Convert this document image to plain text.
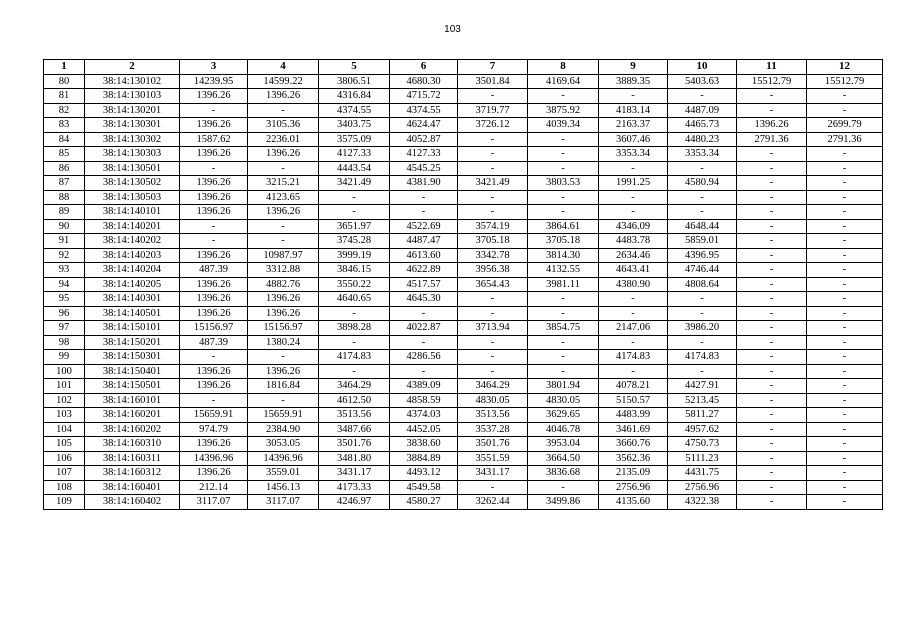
103
1	2	3	4	5	6	7	8	9	10	11	12
80	38:14:130102	14239.95	14599.22	3806.51	4680.30	3501.84	4169.64	3889.35	5403.63	15512.79	15512.79
81	38:14:130103	1396.26	1396.26	4316.84	4715.72	-	-	-	-	-	-
82	38:14:130201	-	-	4374.55	4374.55	3719.77	3875.92	4183.14	4487.09	-	-
83	38:14:130301	1396.26	3105.36	3403.75	4624.47	3726.12	4039.34	2163.37	4465.73	1396.26	2699.79
84	38:14:130302	1587.62	2236.01	3575.09	4052.87	-	-	3607.46	4480.23	2791.36	2791.36
85	38:14:130303	1396.26	1396.26	4127.33	4127.33	-	-	3353.34	3353.34	-	-
86	38:14:130501	-	-	4443.54	4545.25	-	-	-	-	-	-
87	38:14:130502	1396.26	3215.21	3421.49	4381.90	3421.49	3803.53	1991.25	4580.94	-	-
88	38:14:130503	1396.26	4123.65	-	-	-	-	-	-	-	-
89	38:14:140101	1396.26	1396.26	-	-	-	-	-	-	-	-
90	38:14:140201	-	-	3651.97	4522.69	3574.19	3864.61	4346.09	4648.44	-	-
91	38:14:140202	-	-	3745.28	4487.47	3705.18	3705.18	4483.78	5859.01	-	-
92	38:14:140203	1396.26	10987.97	3999.19	4613.60	3342.78	3814.30	2634.46	4396.95	-	-
93	38:14:140204	487.39	3312.88	3846.15	4622.89	3956.38	4132.55	4643.41	4746.44	-	-
94	38:14:140205	1396.26	4882.76	3550.22	4517.57	3654.43	3981.11	4380.90	4808.64	-	-
95	38:14:140301	1396.26	1396.26	4640.65	4645.30	-	-	-	-	-	-
96	38:14:140501	1396.26	1396.26	-	-	-	-	-	-	-	-
97	38:14:150101	15156.97	15156.97	3898.28	4022.87	3713.94	3854.75	2147.06	3986.20	-	-
98	38:14:150201	487.39	1380.24	-	-	-	-	-	-	-	-
99	38:14:150301	-	-	4174.83	4286.56	-	-	4174.83	4174.83	-	-
100	38:14:150401	1396.26	1396.26	-	-	-	-	-	-	-	-
101	38:14:150501	1396.26	1816.84	3464.29	4389.09	3464.29	3801.94	4078.21	4427.91	-	-
102	38:14:160101	-	-	4612.50	4858.59	4830.05	4830.05	5150.57	5213.45	-	-
103	38:14:160201	15659.91	15659.91	3513.56	4374.03	3513.56	3629.65	4483.99	5811.27	-	-
104	38:14:160202	974.79	2384.90	3487.66	4452.05	3537.28	4046.78	3461.69	4957.62	-	-
105	38:14:160310	1396.26	3053.05	3501.76	3838.60	3501.76	3953.04	3660.76	4750.73	-	-
106	38:14:160311	14396.96	14396.96	3481.80	3884.89	3551.59	3664.50	3562.36	5111.23	-	-
107	38:14:160312	1396.26	3559.01	3431.17	4493.12	3431.17	3836.68	2135.09	4431.75	-	-
108	38:14:160401	212.14	1456.13	4173.33	4549.58	-	-	2756.96	2756.96	-	-
109	38:14:160402	3117.07	3117.07	4246.97	4580.27	3262.44	3499.86	4135.60	4322.38	-	-
